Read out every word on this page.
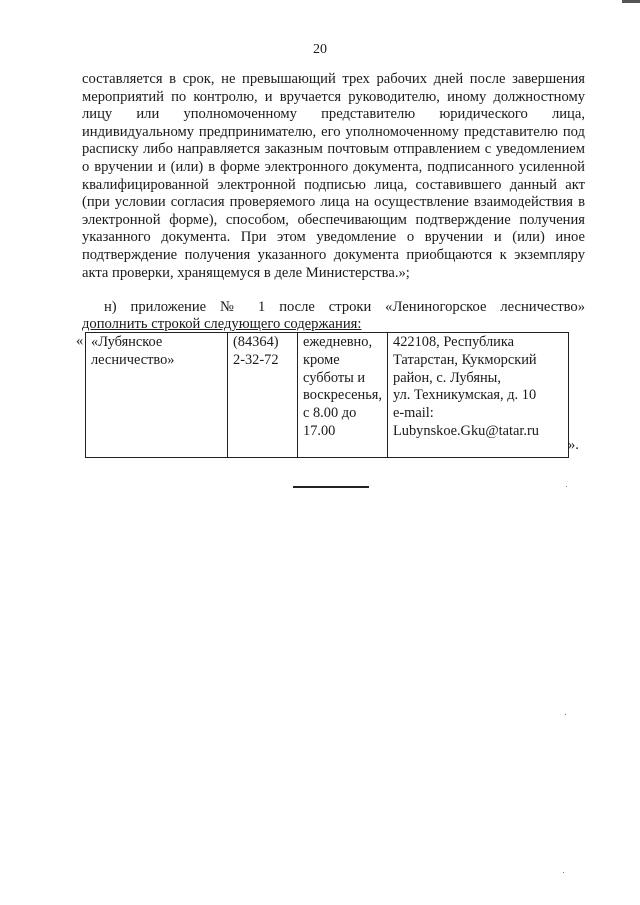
20

составляется в срок, не превышающий трех рабочих дней после завершения мероприятий по контролю, и вручается руководителю, иному должностному лицу или уполномоченному представителю юридического лица, индивидуальному предпринимателю, его уполномоченному представителю под расписку либо направляется заказным почтовым отправлением с уведомлением о вручении и (или) в форме электронного документа, подписанного усиленной квалифицированной электронной подписью лица, составившего данный акт (при условии согласия проверяемого лица на осуществление взаимодействия в электронной форме), способом, обеспечивающим подтверждение получения указанного документа. При этом уведомление о вручении и (или) иное подтверждение получения указанного документа приобщаются к экземпляру акта проверки, хранящемуся в деле Министерства.»;

н) приложение № 1 после строки «Лениногорское лесничество»
дополнить строкой следующего содержания:

« «Лубянское
лесничество»

(84364)
2-32-72

ежедневно,
кроме
субботы и
воскресенья,
с 8.00 до
17.00

422108, Республика
Татарстан, Кукморский
район, с. Лубяны,
ул. Техникумская, д. 10
e-mail:
Lubynskoe.Gku@tatar.ru
».
